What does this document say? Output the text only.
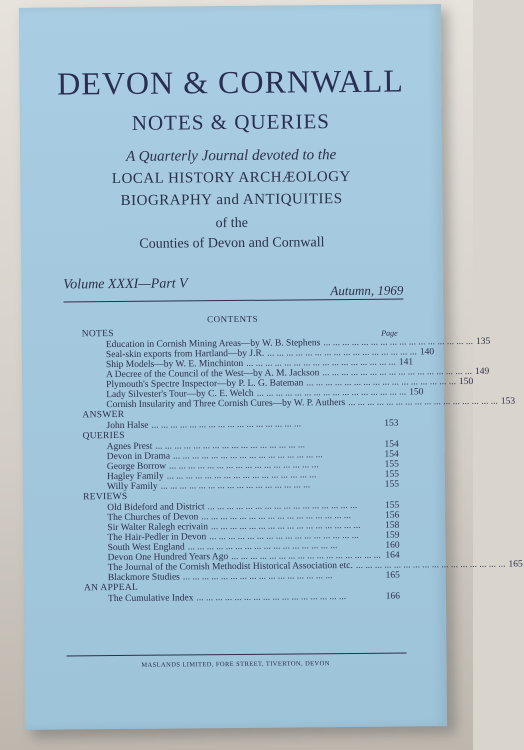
DEVON & CORNWALL
NOTES & QUERIES
A Quarterly Journal devoted to the
LOCAL HISTORY ARCHÆOLOGY
BIOGRAPHY and ANTIQUITIES
of the
Counties of Devon and Cornwall
Volume XXXI—Part V	Autumn, 1969
CONTENTS
Page
NOTES
Education in Cornish Mining Areas—by W. B. Stephens ... ... ... ... ... ... ... ... ... ... ... ... ... ... ... ... 135
Seal-skin exports from Hartland—by J.R. ... ... ... ... ... ... ... ... ... ... ... ... ... ... ... ... 140
Ship Models—by W. E. Minchinton ... ... ... ... ... ... ... ... ... ... ... ... ... ... ... ... 141
A Decree of the Council of the West—by A. M. Jackson ... ... ... ... ... ... ... ... ... ... ... ... ... ... ... ... 149
Plymouth's Spectre Inspector—by P. L. G. Bateman ... ... ... ... ... ... ... ... ... ... ... ... ... ... ... ... 150
Lady Silvester's Tour—by C. E. Welch ... ... ... ... ... ... ... ... ... ... ... ... ... ... ... ... 150
Cornish Insularity and Three Cornish Cures—by W. P. Authers ... ... ... ... ... ... ... ... ... ... ... ... ... ... ... ... 153
ANSWER
John Halse ... ... ... ... ... ... ... ... ... ... ... ... ... ... ... ...	153
QUERIES
Agnes Prest ... ... ... ... ... ... ... ... ... ... ... ... ... ... ... ...	154
Devon in Drama ... ... ... ... ... ... ... ... ... ... ... ... ... ... ... ...	154
George Borrow ... ... ... ... ... ... ... ... ... ... ... ... ... ... ... ...	155
Hagley Family ... ... ... ... ... ... ... ... ... ... ... ... ... ... ... ...	155
Willy Family ... ... ... ... ... ... ... ... ... ... ... ... ... ... ... ...	155
REVIEWS
Old Bideford and District ... ... ... ... ... ... ... ... ... ... ... ... ... ... ... ...	155
The Churches of Devon ... ... ... ... ... ... ... ... ... ... ... ... ... ... ... ...	156
Sir Walter Ralegh ecrivain ... ... ... ... ... ... ... ... ... ... ... ... ... ... ... ...	158
The Hair-Pedler in Devon ... ... ... ... ... ... ... ... ... ... ... ... ... ... ... ...	159
South West England ... ... ... ... ... ... ... ... ... ... ... ... ... ... ... ...	160
Devon One Hundred Years Ago ... ... ... ... ... ... ... ... ... ... ... ... ... ... ... ... 164
The Journal of the Cornish Methodist Historical Association etc. ... ... ... ... ... ... ... ... ... ... ... ... ... ... ... ... 165
Blackmore Studies ... ... ... ... ... ... ... ... ... ... ... ... ... ... ... ...	165
AN APPEAL
The Cumulative Index ... ... ... ... ... ... ... ... ... ... ... ... ... ... ... ...	166
MASLANDS LIMITED, FORE STREET, TIVERTON, DEVON
